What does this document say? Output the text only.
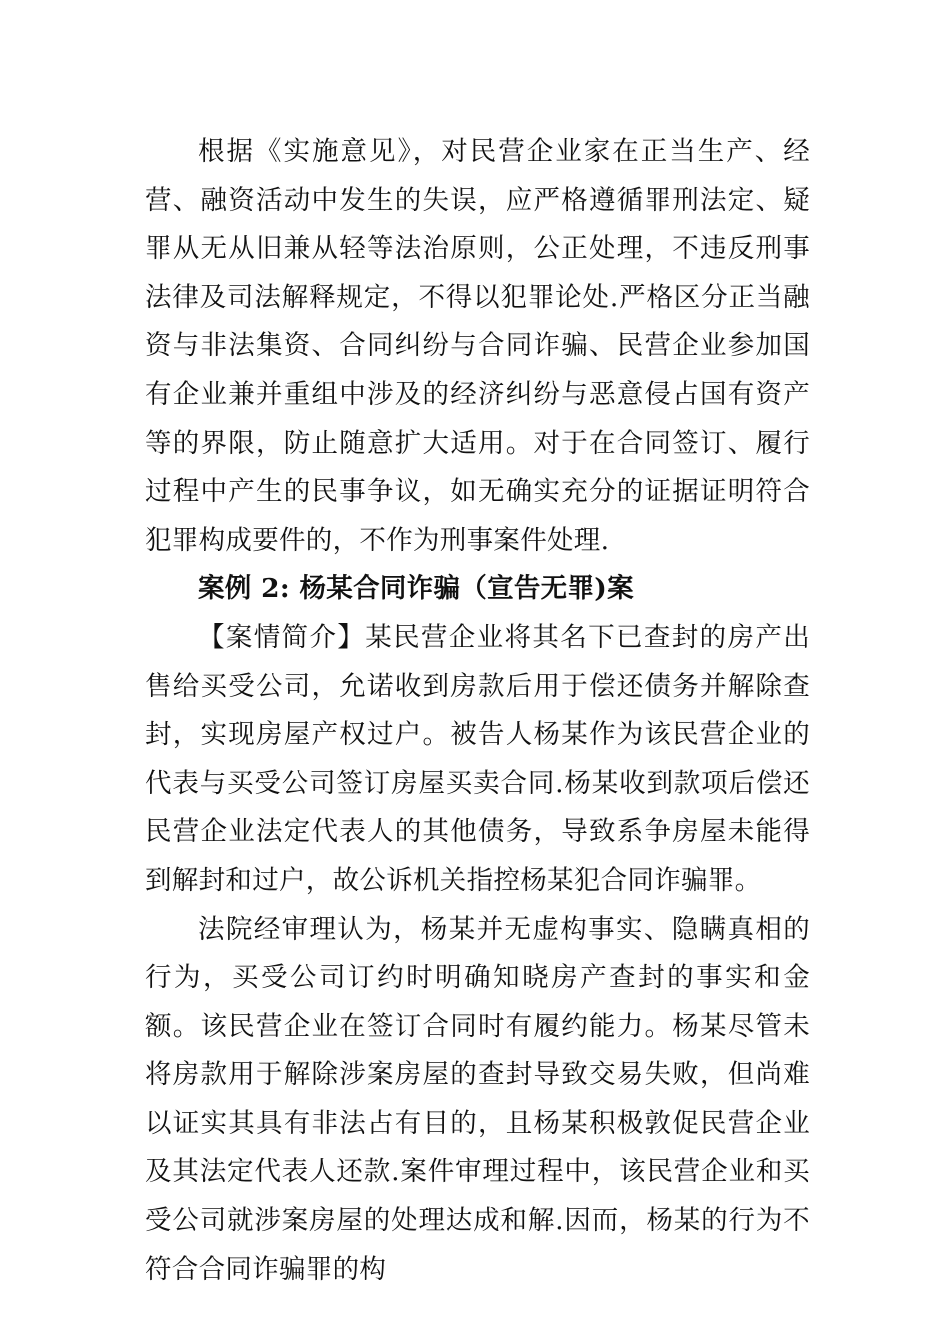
根据《实施意见》，对民营企业家在正当生产、经营、融资活动中发生的失误，应严格遵循罪刑法定、疑罪从无从旧兼从轻等法治原则，公正处理，不违反刑事法律及司法解释规定，不得以犯罪论处.严格区分正当融资与非法集资、合同纠纷与合同诈骗、民营企业参加国有企业兼并重组中涉及的经济纠纷与恶意侵占国有资产等的界限，防止随意扩大适用。对于在合同签订、履行过程中产生的民事争议，如无确实充分的证据证明符合犯罪构成要件的，不作为刑事案件处理.

案例 2: 杨某合同诈骗（宣告无罪)案

【案情简介】某民营企业将其名下已查封的房产出售给买受公司，允诺收到房款后用于偿还债务并解除查封，实现房屋产权过户。被告人杨某作为该民营企业的代表与买受公司签订房屋买卖合同.杨某收到款项后偿还民营企业法定代表人的其他债务，导致系争房屋未能得到解封和过户，故公诉机关指控杨某犯合同诈骗罪。

法院经审理认为，杨某并无虚构事实、隐瞒真相的行为，买受公司订约时明确知晓房产查封的事实和金额。该民营企业在签订合同时有履约能力。杨某尽管未将房款用于解除涉案房屋的查封导致交易失败，但尚难以证实其具有非法占有目的，且杨某积极敦促民营企业及其法定代表人还款.案件审理过程中，该民营企业和买受公司就涉案房屋的处理达成和解.因而，杨某的行为不符合合同诈骗罪的构
